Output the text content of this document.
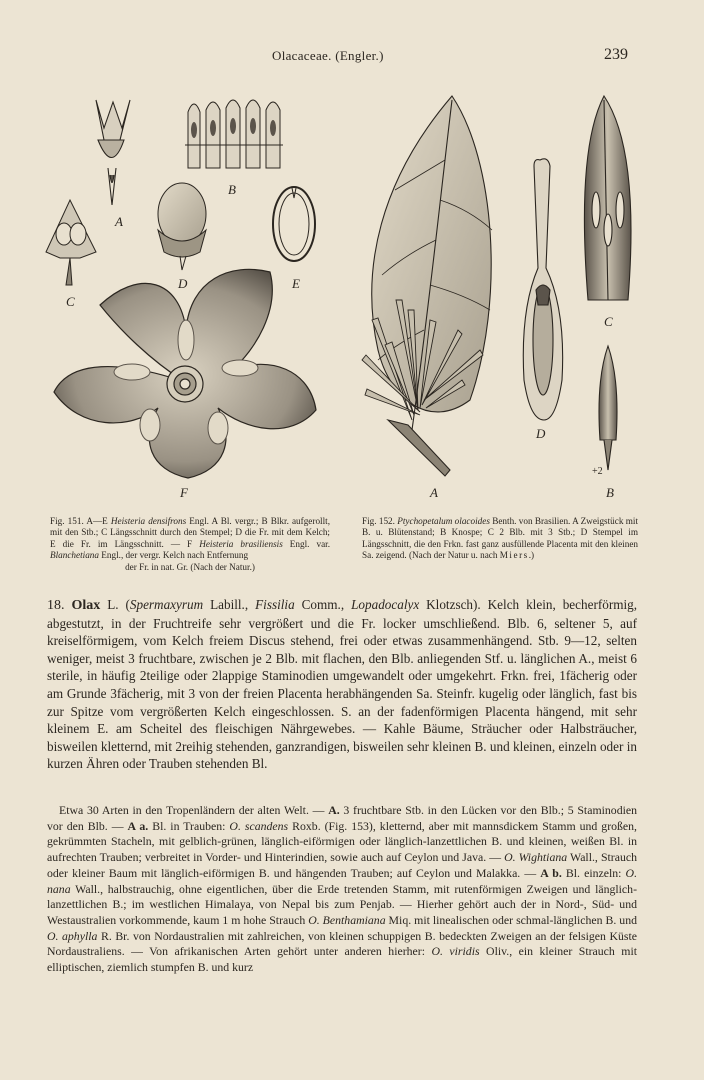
Olacaceae. (Engler.)	239
A
B
C
D	E
F	A	B
C
D
+2
Fig. 151. A—E Heisteria densifrons Engl. A Bl. vergr.; B Blkr. aufgerollt, mit den Stb.; C Längsschnitt durch den Stempel; D die Fr. mit dem Kelch; E die Fr. im Längsschnitt. — F Heisteria brasiliensis Engl. var. Blanchetiana Engl., der vergr. Kelch nach Entfernung
der Fr. in nat. Gr. (Nach der Natur.)
Fig. 152. Ptychopetalum olacoides Benth. von Brasilien. A Zweigstück mit B. u. Blütenstand; B Knospe; C 2 Blb. mit 3 Stb.; D Stempel im Längsschnitt, die den Frkn. fast ganz ausfüllende Placenta mit den kleinen Sa. zeigend. (Nach der Natur u. nach Miers.)

18. Olax L. (Spermaxyrum Labill., Fissilia Comm., Lopadocalyx Klotzsch). Kelch klein, becherförmig, abgestutzt, in der Fruchtreife sehr vergrößert und die Fr. locker umschließend. Blb. 6, seltener 5, auf kreiselförmigem, vom Kelch freiem Discus stehend, frei oder etwas zusammenhängend. Stb. 9—12, selten weniger, meist 3 fruchtbare, zwischen je 2 Blb. mit flachen, den Blb. anliegenden Stf. u. länglichen A., meist 6 sterile, in häufig 2teilige oder 2lappige Staminodien umgewandelt oder umgekehrt. Frkn. frei, 1fächerig oder am Grunde 3fächerig, mit 3 von der freien Placenta herabhängenden Sa. Steinfr. kugelig oder länglich, fast bis zur Spitze vom vergrößerten Kelch eingeschlossen. S. an der fadenförmigen Placenta hängend, mit sehr kleinem E. am Scheitel des fleischigen Nährgewebes. — Kahle Bäume, Sträucher oder Halbsträucher, bisweilen kletternd, mit 2reihig stehenden, ganzrandigen, bisweilen sehr kleinen B. und kleinen, einzeln oder in kurzen Ähren oder Trauben stehenden Bl.

Etwa 30 Arten in den Tropenländern der alten Welt. — A. 3 fruchtbare Stb. in den Lücken vor den Blb.; 5 Staminodien vor den Blb. — A a. Bl. in Trauben: O. scandens Roxb. (Fig. 153), kletternd, aber mit mannsdickem Stamm und großen, gekrümmten Stacheln, mit gelblich-grünen, länglich-eiförmigen oder länglich-lanzettlichen B. und kleinen, weißen Bl. in aufrechten Trauben; verbreitet in Vorder- und Hinterindien, sowie auch auf Ceylon und Java. — O. Wightiana Wall., Strauch oder kleiner Baum mit länglich-eiförmigen B. und hängenden Trauben; auf Ceylon und Malakka. — A b. Bl. einzeln: O. nana Wall., halbstrauchig, ohne eigentlichen, über die Erde tretenden Stamm, mit rutenförmigen Zweigen und länglich-lanzettlichen B.; im westlichen Himalaya, von Nepal bis zum Penjab. — Hierher gehört auch der in Nord-, Süd- und Westaustralien vorkommende, kaum 1 m hohe Strauch O. Benthamiana Miq. mit linealischen oder schmal-länglichen B. und O. aphylla R. Br. von Nordaustralien mit zahlreichen, von kleinen schuppigen B. bedeckten Zweigen an der felsigen Küste Nordaustraliens. — Von afrikanischen Arten gehört unter anderen hierher: O. viridis Oliv., ein kleiner Strauch mit elliptischen, ziemlich stumpfen B. und kurz
